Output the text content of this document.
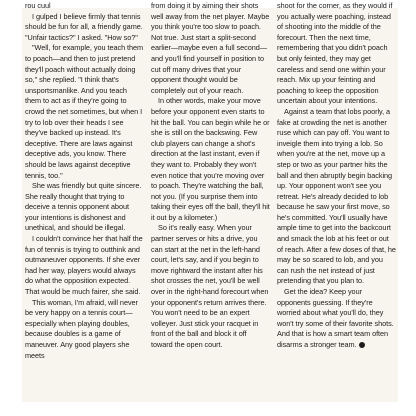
rou cuul

I gulped I believe firmly that tennis should be fun for all, a friendly game. "Unfair tactics?" I asked. "How so?"

"Well, for example, you teach them to poach—and then to just pretend they'll poach without actually doing so," she replied. "I think that's unsportsmanlike. And you teach them to act as if they're going to crowd the net sometimes, but when I try to lob over their heads I see they've backed up instead. It's deceptive. There are laws against deceptive ads, you know. There should be laws against deceptive tennis, too."

She was friendly but quite sincere. She really thought that trying to deceive a tennis opponent about your intentions is dishonest and unethical, and should be illegal.

I couldn't convince her that half the fun of tennis is trying to outthink and outmaneuver opponents. If she ever had her way, players would always do what the opposition expected. That would be much fairer, she said.

This woman, I'm afraid, will never be very happy on a tennis court—especially when playing doubles, because doubles is a game of maneuver. Any good players she meets

from doing it by aiming their shots well away from the net player. Maybe you think you're too slow to poach. Not true. Just start a split-second earlier—maybe even a full second—and you'll find yourself in position to cut off many drives that your opponent thought would be completely out of your reach.

In other words, make your move before your opponent even starts to hit the ball. You can begin while he or she is still on the backswing. Few club players can change a shot's direction at the last instant, even if they want to. Probably they won't even notice that you're moving over to poach. They're watching the ball, not you. (If you surprise them into taking their eyes off the ball, they'll hit it out by a kilometer.)

So it's really easy. When your partner serves or hits a drive, you can start at the net in the left-hand court, let's say, and if you begin to move rightward the instant after his shot crosses the net, you'll be well over in the right-hand forecourt when your opponent's return arrives there. You won't need to be an expert volleyer. Just stick your racquet in front of the ball and block it off toward the open court.

shoot for the corner, as they would if you actually were poaching, instead of shooting into the middle of the forecourt. Then the next time, remembering that you didn't poach but only feinted, they may get careless and send one within your reach. Mix up your feinting and poaching to keep the opposition uncertain about your intentions.

Against a team that lobs poorly, a fake at crowding the net is another ruse which can pay off. You want to inveigle them into trying a lob. So when you're at the net, move up a step or two as your partner hits the ball and then abruptly begin backing up. Your opponent won't see you retreat. He's already decided to lob because he saw your first move, so he's committed. You'll usually have ample time to get into the backcourt and smack the lob at his feet or out of reach. After a few doses of that, he may be so scared to lob, and you can rush the net instead of just pretending that you plan to.

Get the idea? Keep your opponents guessing. If they're worried about what you'll do, they won't try some of their favorite shots. And that is how a smart team often disarms a stronger team.
